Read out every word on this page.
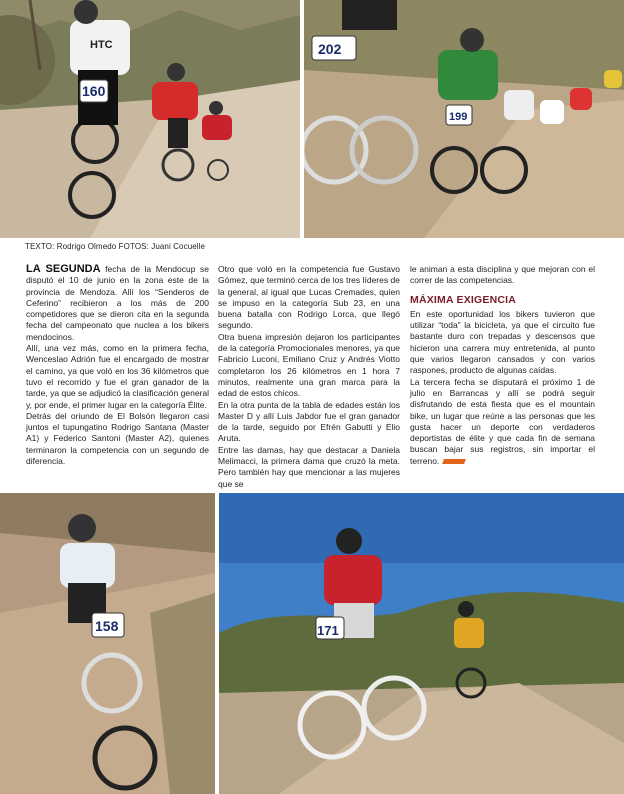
160
HTC	202
199
TEXTO: Rodrigo Olmedo FOTOS: Juani Cocuelle

LA SEGUNDA fecha de la Mendocup se disputó el 10 de junio en la zona este de la provincia de Mendoza. Allí los “Senderos de Ceferino” recibieron a los más de 200 competidores que se dieron cita en la segunda fecha del campeonato que nuclea a los bikers mendocinos.

Allí, una vez más, como en la primera fecha, Wenceslao Adrión fue el encargado de mostrar el camino, ya que voló en los 36 kilómetros que tuvo el recorrido y fue el gran ganador de la tarde, ya que se adjudicó la clasificación general y, por ende, el primer lugar en la categoría Élite.

Detrás del oriundo de El Bolsón llegaron casi juntos el tupungatino Rodrigo Santana (Master A1) y Federico Santoni (Master A2), quienes terminaron la competencia con un segundo de diferencia.

Otro que voló en la competencia fue Gustavo Gómez, que terminó cerca de los tres líderes de la general, al igual que Lucas Cremades, quien se impuso en la categoría Sub 23, en una buena batalla con Rodrigo Lorca, que llegó segundo.

Otra buena impresión dejaron los participantes de la categoría Promocionales menores, ya que Fabricio Luconi, Emiliano Cruz y Andrés Viotto completaron los 26 kilómetros en 1 hora 7 minutos, realmente una gran marca para la edad de estos chicos.

En la otra punta de la tabla de edades están los Master D y allí Luis Jabdor fue el gran ganador de la tarde, seguido por Efrén Gabutti y Elio Aruta.

Entre las damas, hay que destacar a Daniela Melimacci, la primera dama que cruzó la meta. Pero también hay que mencionar a las mujeres que se

le animan a esta disciplina y que mejoran con el correr de las competencias.

MÁXIMA EXIGENCIA

En este oportunidad los bikers tuvieron que utilizar “toda” la bicicleta, ya que el circuito fue bastante duro con trepadas y descensos que hicieron una carrera muy entretenida, al punto que varios llegaron cansados y con varios raspones, producto de algunas caídas.

La tercera fecha se disputará el próximo 1 de julio en Barrancas y allí se podrá seguir disfrutando de esta fiesta que es el mountain bike, un lugar que reúne a las personas que les gusta hacer un deporte con verdaderos deportistas de élite y que cada fin de semana buscan bajar sus registros, sin importar el terreno.

158	171
